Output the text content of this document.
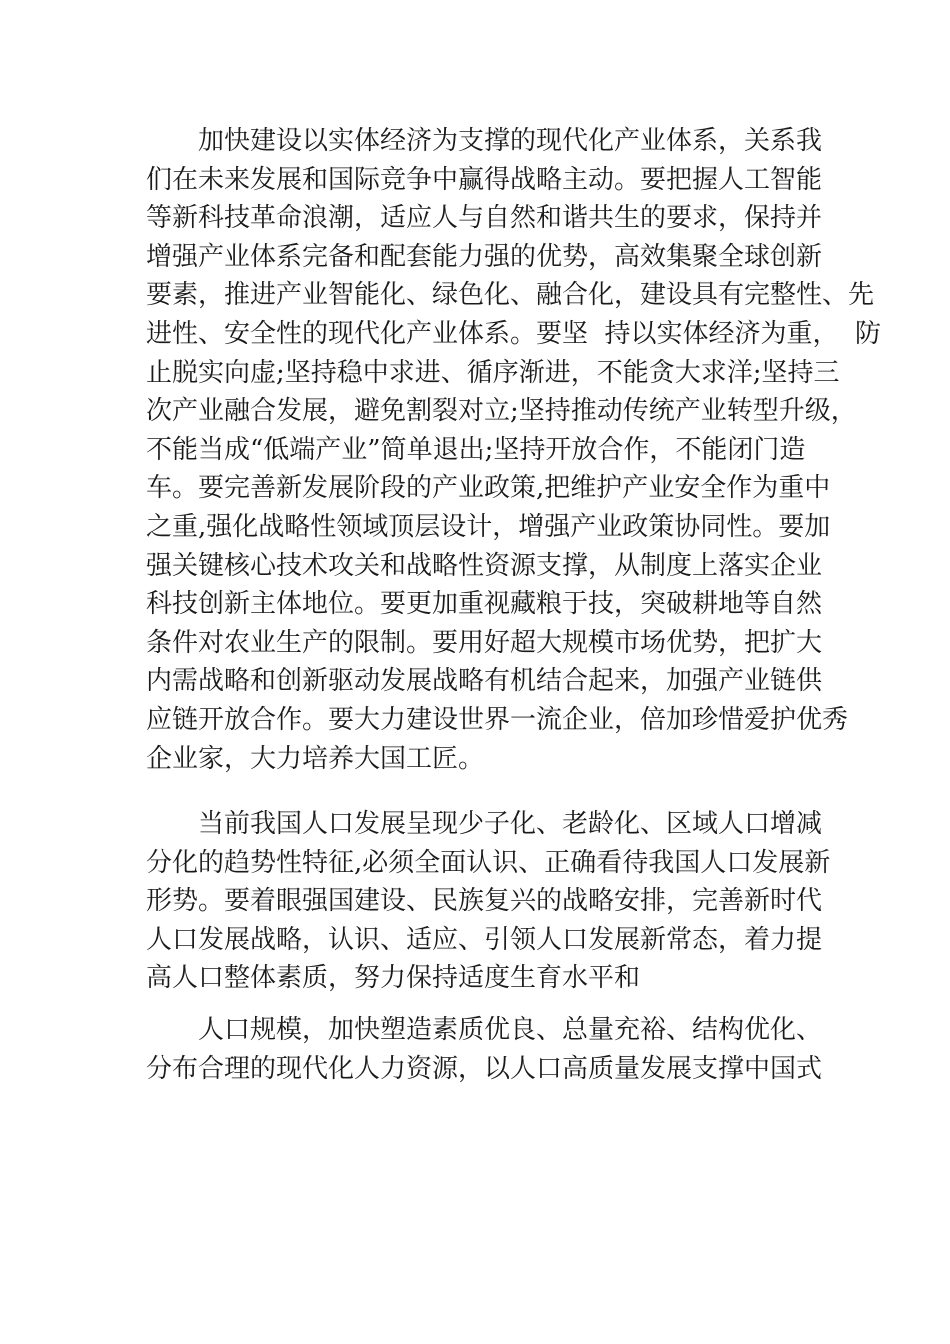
加快建设以实体经济为支撑的现代化产业体系，关系我
们在未来发展和国际竞争中赢得战略主动。要把握人工智能
等新科技革命浪潮，适应人与自然和谐共生的要求，保持并
增强产业体系完备和配套能力强的优势，高效集聚全球创新
要素，推进产业智能化、绿色化、融合化，建设具有完整性、先
进性、安全性的现代化产业体系。要坚  持以实体经济为重，  防
止脱实向虚;坚持稳中求进、循序渐进，不能贪大求洋;坚持三
次产业融合发展，避免割裂对立;坚持推动传统产业转型升级，
不能当成“低端产业”简单退出;坚持开放合作，不能闭门造
车。要完善新发展阶段的产业政策,把维护产业安全作为重中
之重,强化战略性领域顶层设计，增强产业政策协同性。要加
强关键核心技术攻关和战略性资源支撑，从制度上落实企业
科技创新主体地位。要更加重视藏粮于技，突破耕地等自然
条件对农业生产的限制。要用好超大规模市场优势，把扩大
内需战略和创新驱动发展战略有机结合起来，加强产业链供
应链开放合作。要大力建设世界一流企业，倍加珍惜爱护优秀
企业家，大力培养大国工匠。
当前我国人口发展呈现少子化、老龄化、区域人口增减
分化的趋势性特征,必须全面认识、正确看待我国人口发展新
形势。要着眼强国建设、民族复兴的战略安排，完善新时代
人口发展战略，认识、适应、引领人口发展新常态，着力提
高人口整体素质，努力保持适度生育水平和
人口规模，加快塑造素质优良、总量充裕、结构优化、
分布合理的现代化人力资源，以人口高质量发展支撑中国式
